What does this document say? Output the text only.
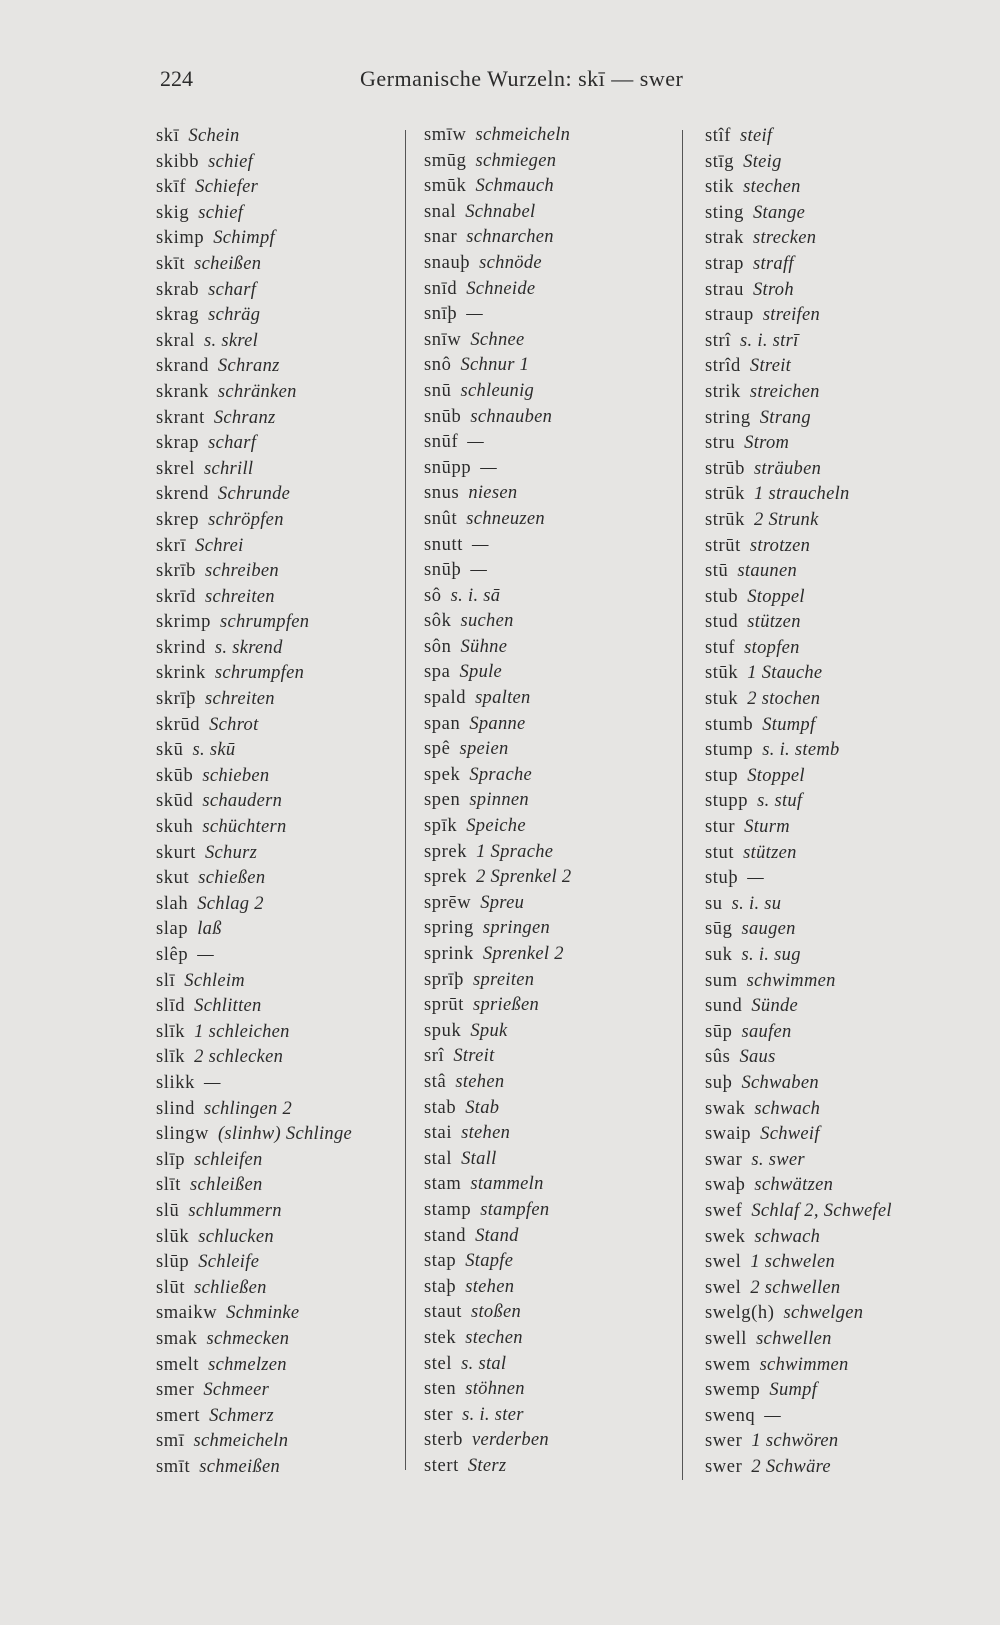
224	Germanische Wurzeln: skī — swer
skī Schein
skibb schief
skīf Schiefer
skig schief
skimp Schimpf
skīt scheißen
skrab scharf
skrag schräg
skral s. skrel
skrand Schranz
skrank schränken
skrant Schranz
skrap scharf
skrel schrill
skrend Schrunde
skrep schröpfen
skrī Schrei
skrīb schreiben
skrīd schreiten
skrimp schrumpfen
skrind s. skrend
skrink schrumpfen
skrīþ schreiten
skrūd Schrot
skū s. skū
skūb schieben
skūd schaudern
skuh schüchtern
skurt Schurz
skut schießen
slah Schlag 2
slap laß
slêp —
slī Schleim
slīd Schlitten
slīk 1 schleichen
slīk 2 schlecken
slikk —
slind schlingen 2
slingw (slinhw) Schlinge
slīp schleifen
slīt schleißen
slū schlummern
slūk schlucken
slūp Schleife
slūt schließen
smaikw Schminke
smak schmecken
smelt schmelzen
smer Schmeer
smert Schmerz
smī schmeicheln
smīt schmeißen
smīw schmeicheln
smūg schmiegen
smūk Schmauch
snal Schnabel
snar schnarchen
snauþ schnöde
snīd Schneide
snīþ —
snīw Schnee
snô Schnur 1
snū schleunig
snūb schnauben
snūf —
snūpp —
snus niesen
snût schneuzen
snutt —
snūþ —
sô s. i. sā
sôk suchen
sôn Sühne
spa Spule
spald spalten
span Spanne
spê speien
spek Sprache
spen spinnen
spīk Speiche
sprek 1 Sprache
sprek 2 Sprenkel 2
sprēw Spreu
spring springen
sprink Sprenkel 2
sprīþ spreiten
sprūt sprießen
spuk Spuk
srî Streit
stâ stehen
stab Stab
stai stehen
stal Stall
stam stammeln
stamp stampfen
stand Stand
stap Stapfe
staþ stehen
staut stoßen
stek stechen
stel s. stal
sten stöhnen
ster s. i. ster
sterb verderben
stert Sterz
stîf steif
stīg Steig
stik stechen
sting Stange
strak strecken
strap straff
strau Stroh
straup streifen
strî s. i. strī
strîd Streit
strik streichen
string Strang
stru Strom
strūb sträuben
strūk 1 straucheln
strūk 2 Strunk
strūt strotzen
stū staunen
stub Stoppel
stud stützen
stuf stopfen
stūk 1 Stauche
stuk 2 stochen
stumb Stumpf
stump s. i. stemb
stup Stoppel
stupp s. stuf
stur Sturm
stut stützen
stuþ —
su s. i. su
sūg saugen
suk s. i. sug
sum schwimmen
sund Sünde
sūp saufen
sûs Saus
suþ Schwaben
swak schwach
swaip Schweif
swar s. swer
swaþ schwätzen
swef Schlaf 2, Schwefel
swek schwach
swel 1 schwelen
swel 2 schwellen
swelg(h) schwelgen
swell schwellen
swem schwimmen
swemp Sumpf
swenq —
swer 1 schwören
swer 2 Schwäre
